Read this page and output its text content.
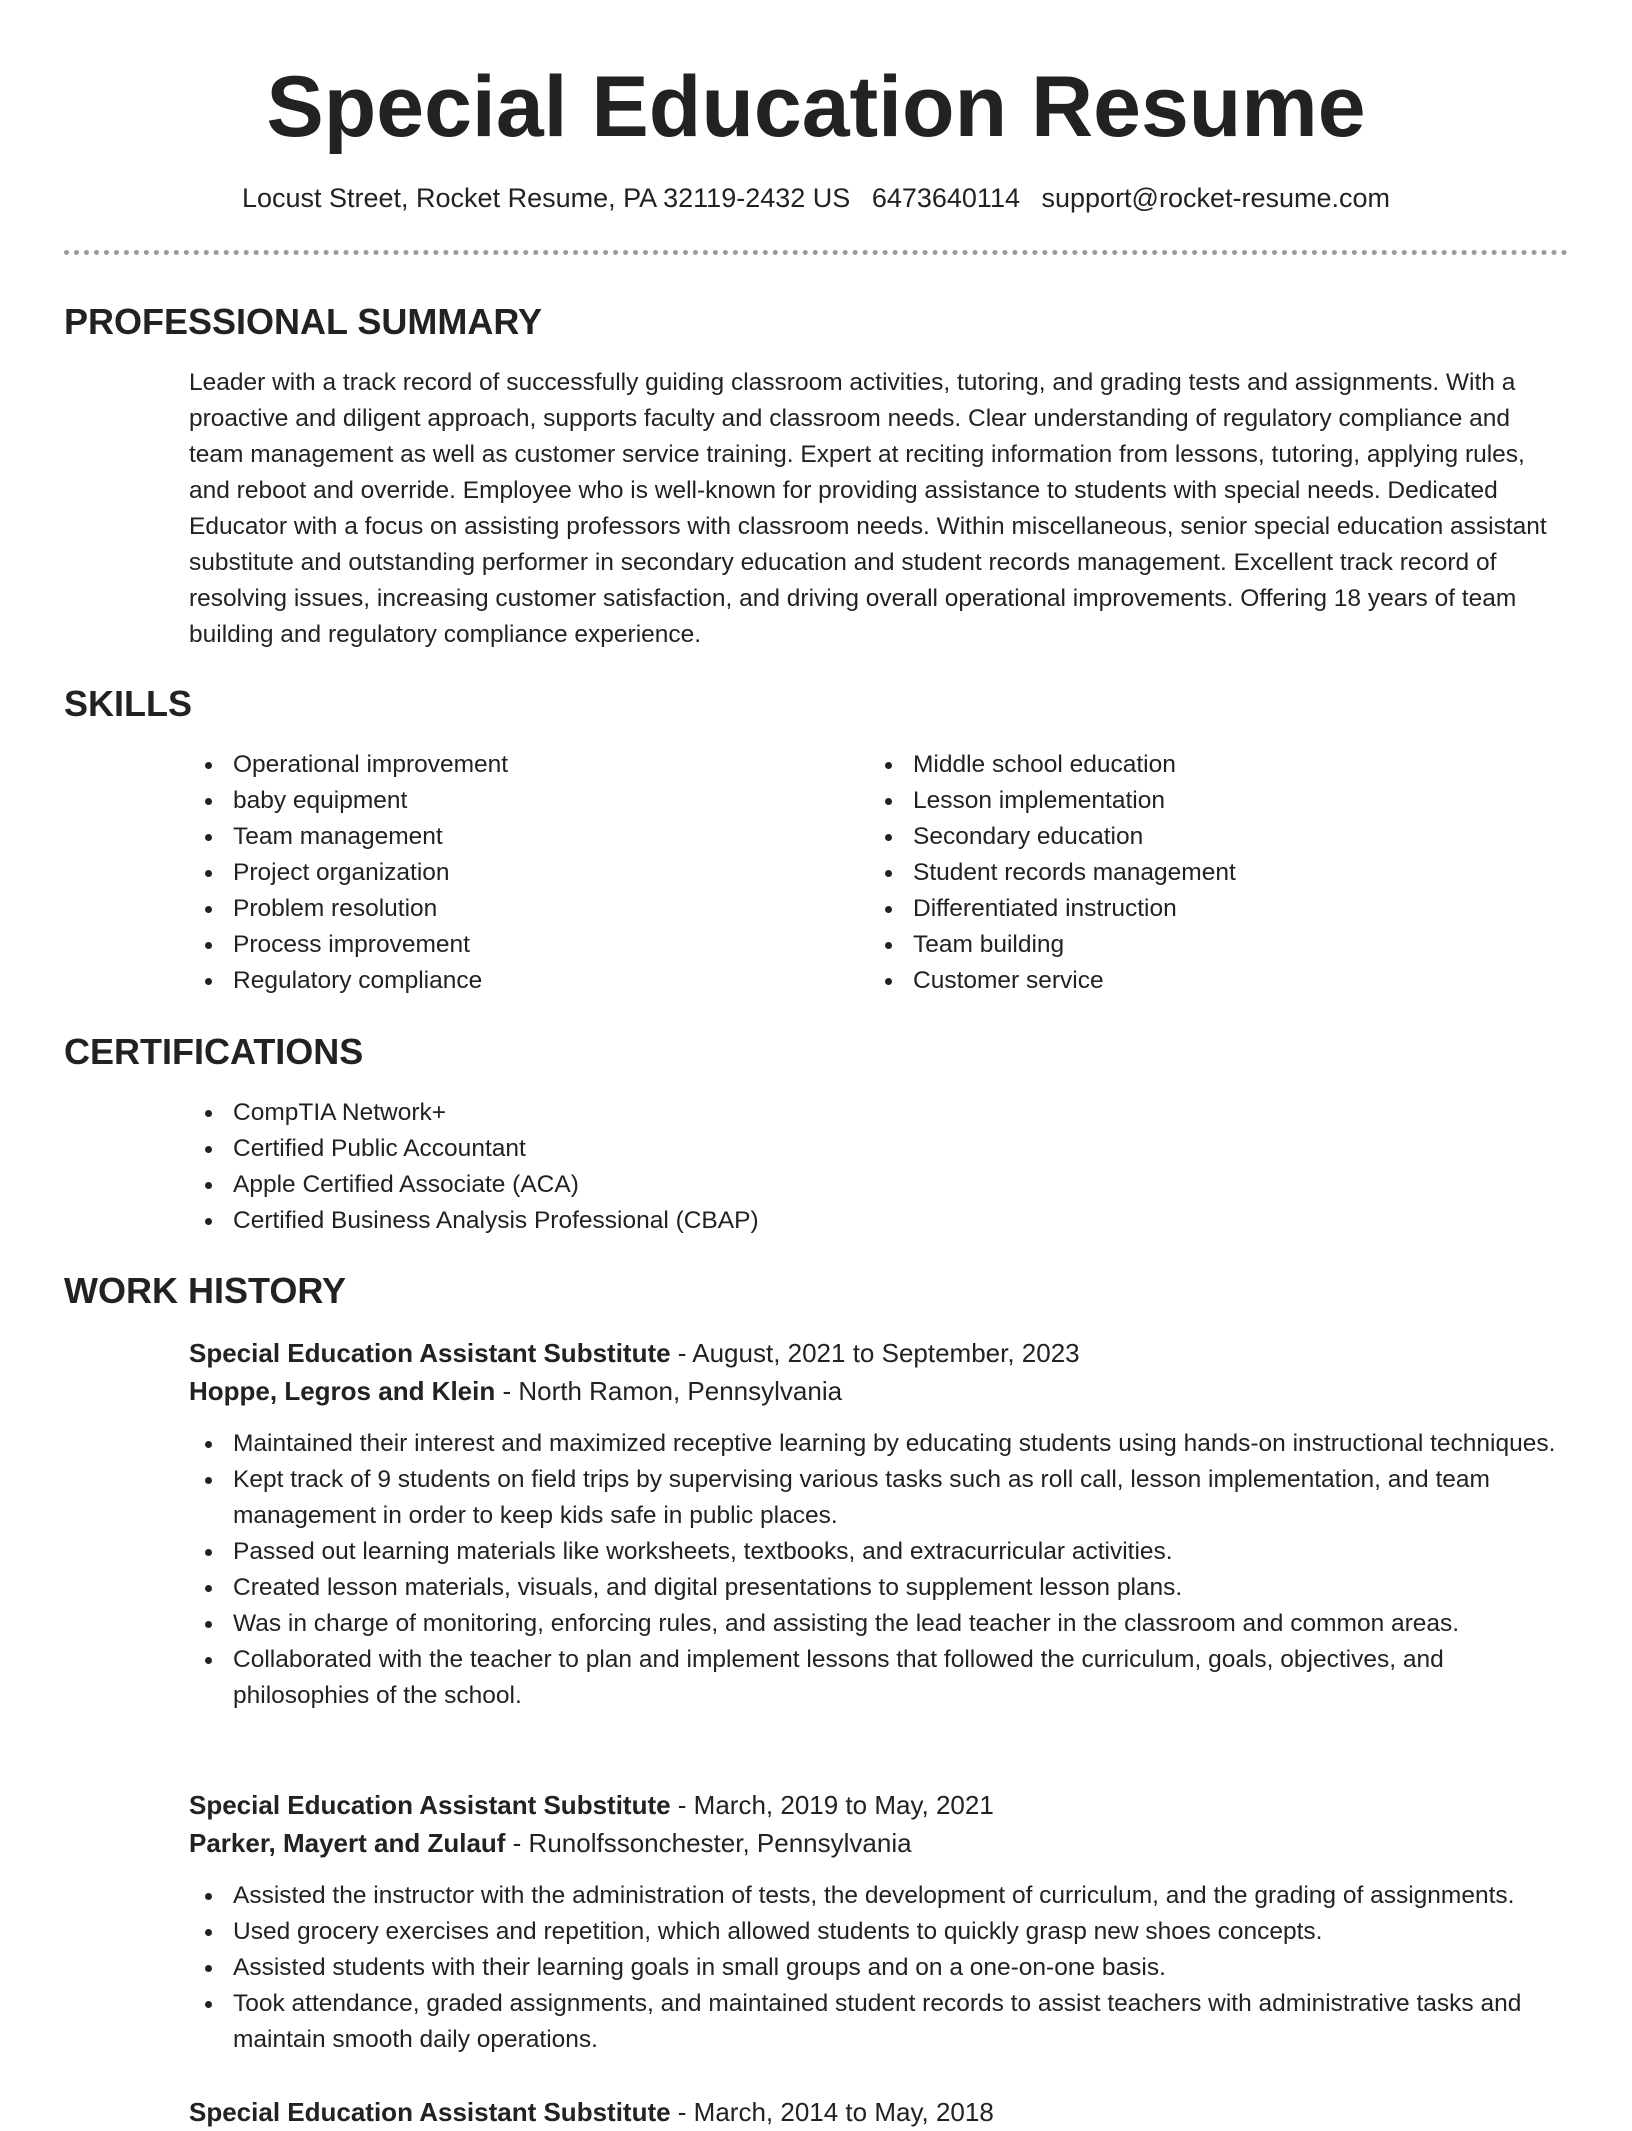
Special Education Resume
Locust Street, Rocket Resume, PA 32119-2432 US 6473640114 support@rocket-resume.com
PROFESSIONAL SUMMARY

Leader with a track record of successfully guiding classroom activities, tutoring, and grading tests and assignments. With a proactive and diligent approach, supports faculty and classroom needs. Clear understanding of regulatory compliance and team management as well as customer service training. Expert at reciting information from lessons, tutoring, applying rules, and reboot and override. Employee who is well-known for providing assistance to students with special needs. Dedicated Educator with a focus on assisting professors with classroom needs. Within miscellaneous, senior special education assistant substitute and outstanding performer in secondary education and student records management. Excellent track record of resolving issues, increasing customer satisfaction, and driving overall operational improvements. Offering 18 years of team building and regulatory compliance experience.

SKILLS
Operational improvement
baby equipment
Team management
Project organization
Problem resolution
Process improvement
Regulatory compliance
Middle school education
Lesson implementation
Secondary education
Student records management
Differentiated instruction
Team building
Customer service
CERTIFICATIONS
CompTIA Network+
Certified Public Accountant
Apple Certified Associate (ACA)
Certified Business Analysis Professional (CBAP)
WORK HISTORY
Special Education Assistant Substitute - August, 2021 to September, 2023
Hoppe, Legros and Klein - North Ramon, Pennsylvania
Maintained their interest and maximized receptive learning by educating students using hands-on instructional techniques.
Kept track of 9 students on field trips by supervising various tasks such as roll call, lesson implementation, and team management in order to keep kids safe in public places.
Passed out learning materials like worksheets, textbooks, and extracurricular activities.
Created lesson materials, visuals, and digital presentations to supplement lesson plans.
Was in charge of monitoring, enforcing rules, and assisting the lead teacher in the classroom and common areas.
Collaborated with the teacher to plan and implement lessons that followed the curriculum, goals, objectives, and philosophies of the school.
Special Education Assistant Substitute - March, 2019 to May, 2021
Parker, Mayert and Zulauf - Runolfssonchester, Pennsylvania
Assisted the instructor with the administration of tests, the development of curriculum, and the grading of assignments.
Used grocery exercises and repetition, which allowed students to quickly grasp new shoes concepts.
Assisted students with their learning goals in small groups and on a one-on-one basis.
Took attendance, graded assignments, and maintained student records to assist teachers with administrative tasks and maintain smooth daily operations.
Special Education Assistant Substitute - March, 2014 to May, 2018
